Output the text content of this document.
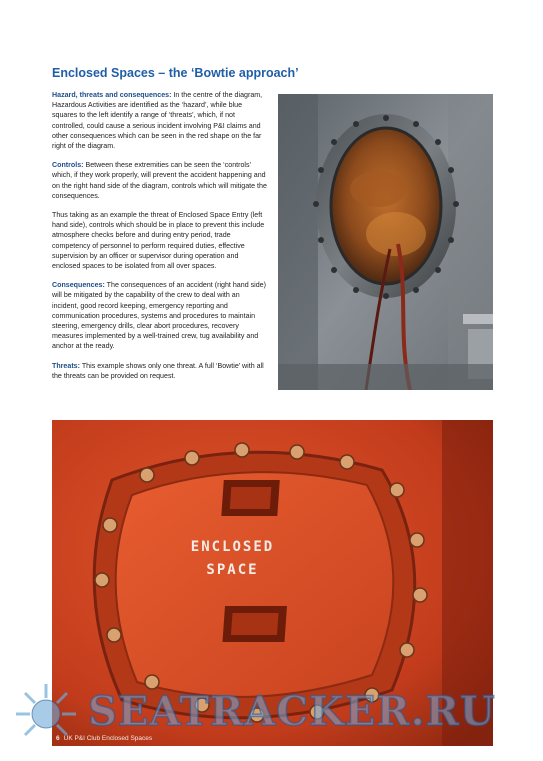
Enclosed Spaces – the ‘Bowtie approach’

Hazard, threats and consequences: In the centre of the diagram, Hazardous Activities are identified as the ‘hazard’, while blue squares to the left identify a range of ‘threats’, which, if not controlled, could cause a serious incident involving P&I claims and other consequences which can be seen in the red shape on the far right of the diagram.

Controls: Between these extremities can be seen the ‘controls’ which, if they work properly, will prevent the accident happening and on the right hand side of the diagram, controls which will mitigate the consequences.

Thus taking as an example the threat of Enclosed Space Entry (left hand side), controls which should be in place to prevent this include atmosphere checks before and during entry period, trade competency of personnel to perform required duties, effective supervision by an officer or supervisor during operation and enclosed spaces to be isolated from all over spaces.

Consequences: The consequences of an accident (right hand side) will be mitigated by the capability of the crew to deal with an incident, good record keeping, emergency reporting and communication procedures, systems and procedures to maintain steering, emergency drills, clear abort procedures, recovery measures implemented by a well-trained crew, tug availability and anchor at the ready.

Threats: This example shows only one threat. A full ‘Bowtie’ with all the threats can be provided on request.

ENCLOSED
SPACE
6 UK P&I Club Enclosed Spaces
SEATRACKER.RU
